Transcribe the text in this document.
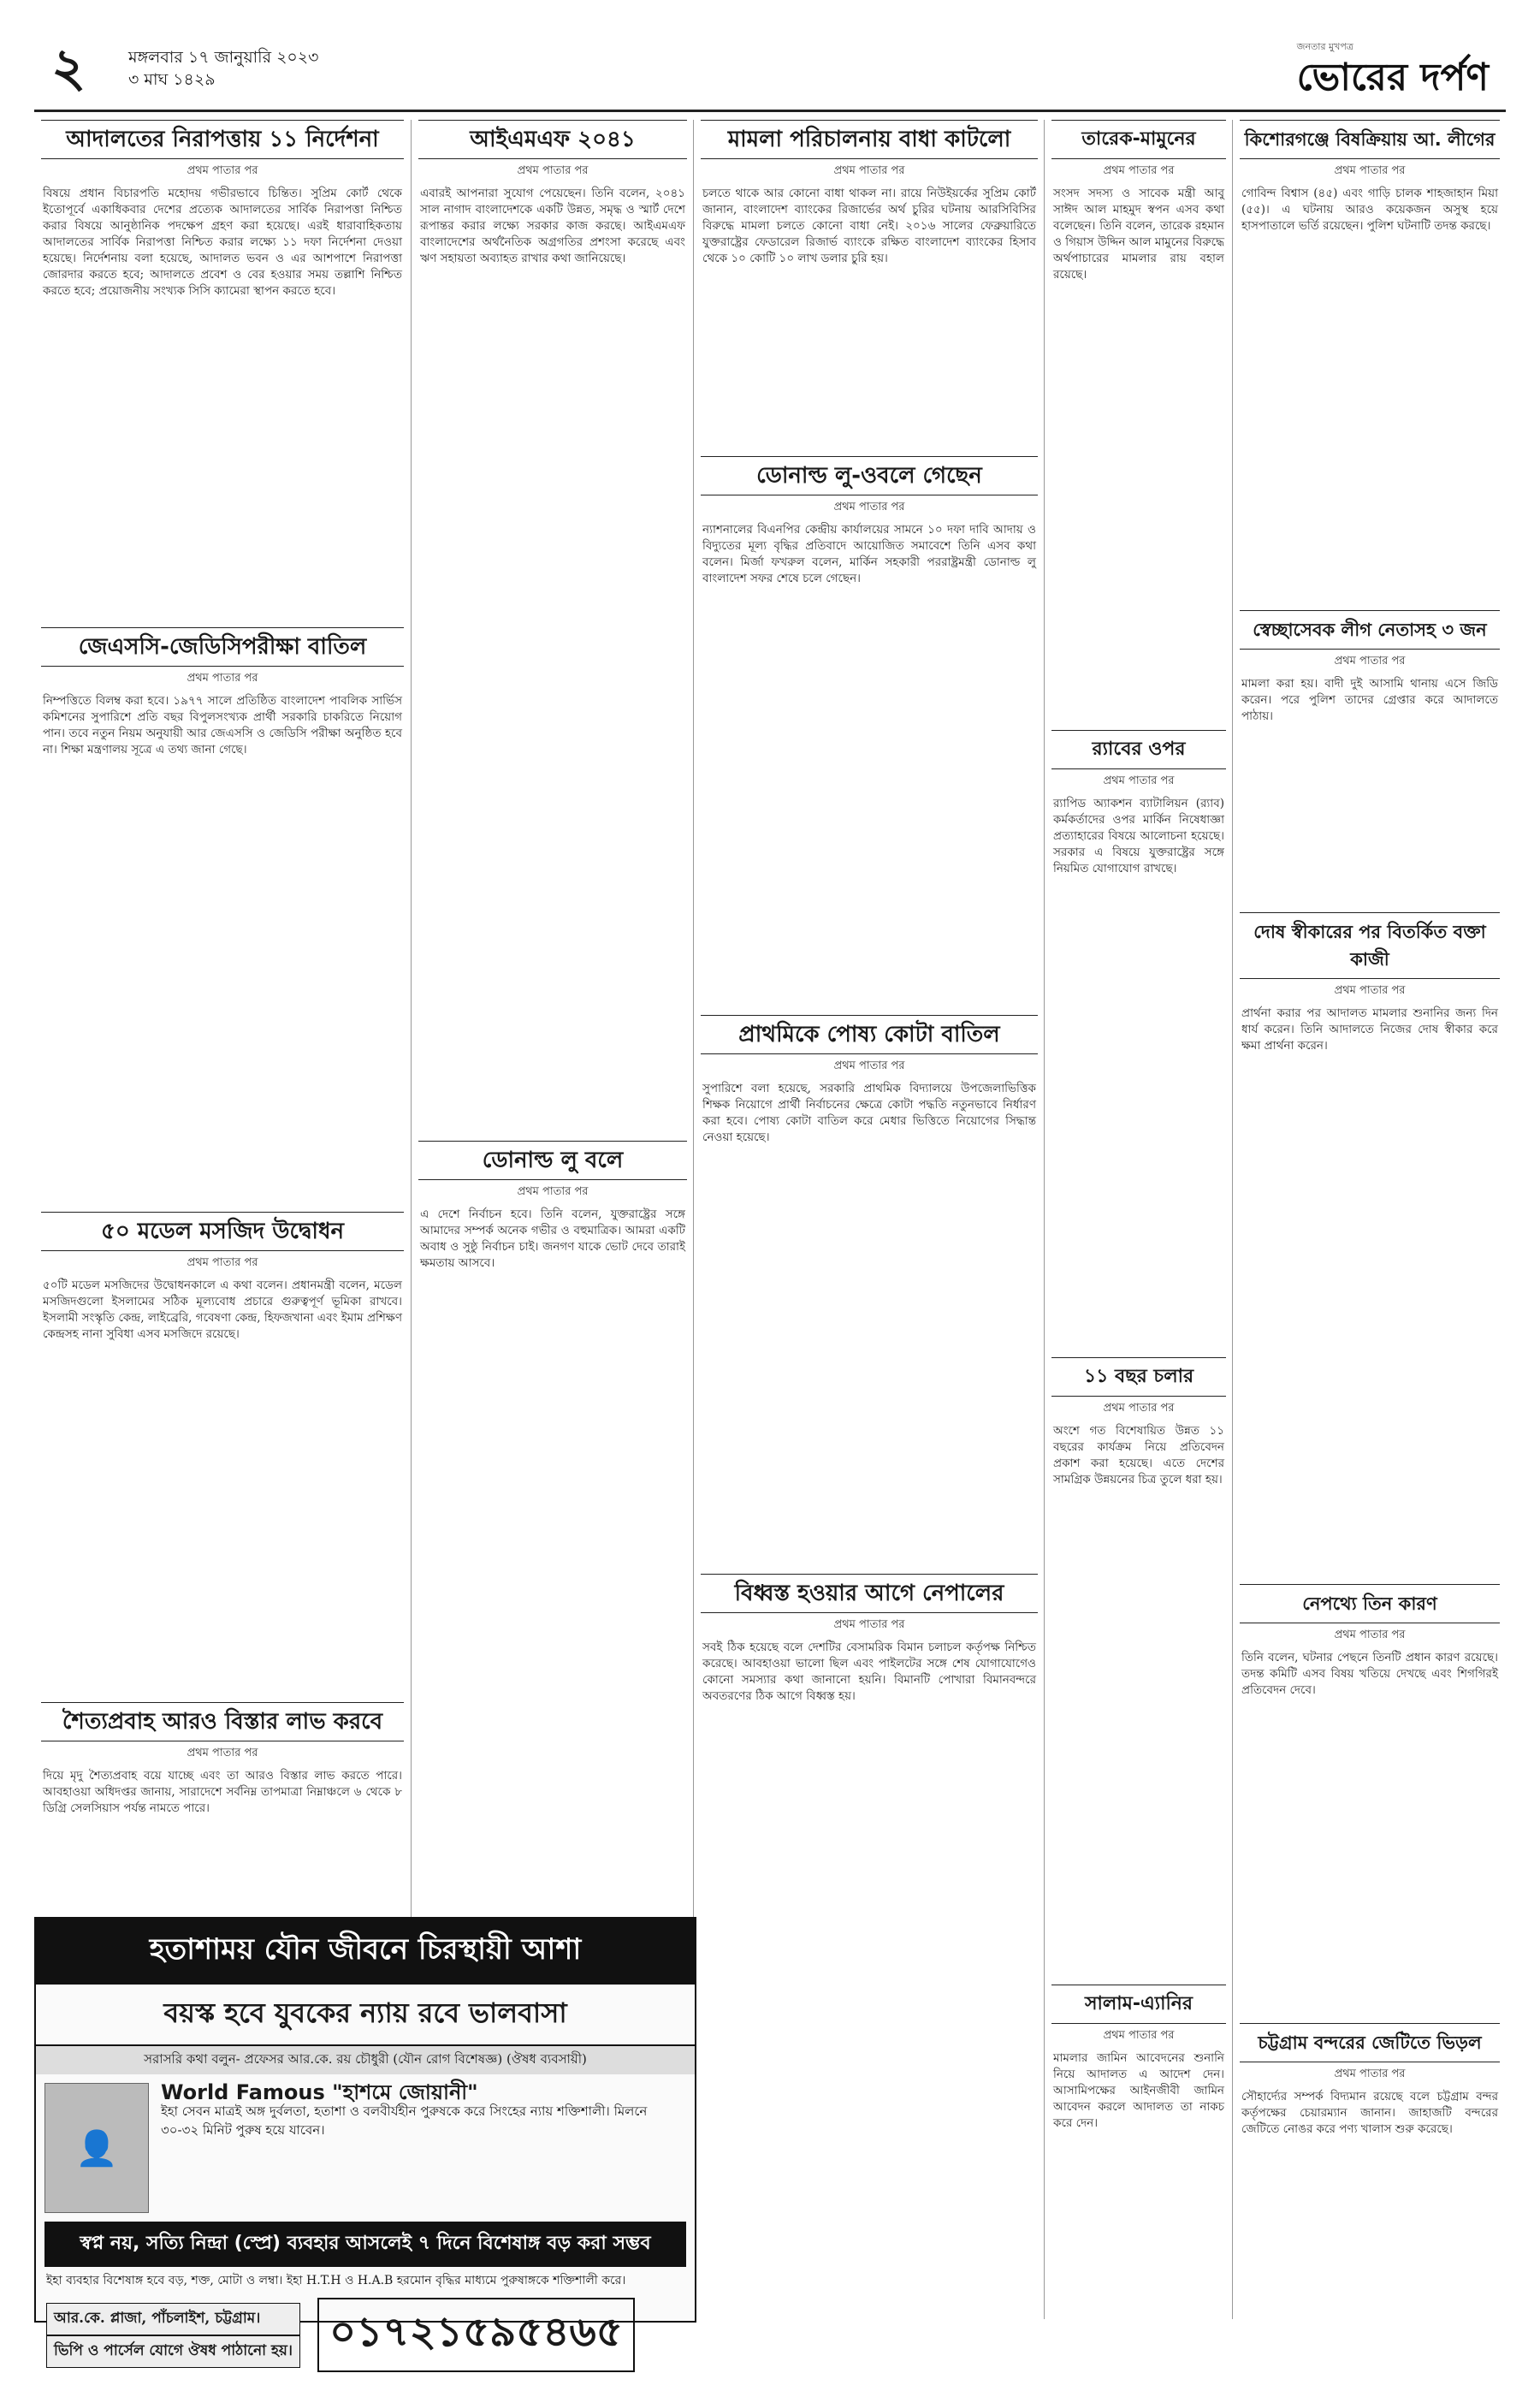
২	মঙ্গলবার ১৭ জানুয়ারি ২০২৩
৩ মাঘ ১৪২৯
জনতার মুখপত্র
ভোরের দর্পণ
আদালতের নিরাপত্তায় ১১ নির্দেশনা
প্রথম পাতার পর
বিষয়ে প্রধান বিচারপতি মহোদয় গভীরভাবে চিন্তিত। সুপ্রিম কোর্ট থেকে ইতোপূর্বে একাধিকবার দেশের প্রত্যেক আদালতের সার্বিক নিরাপত্তা নিশ্চিত করার বিষয়ে আনুষ্ঠানিক পদক্ষেপ গ্রহণ করা হয়েছে। এরই ধারাবাহিকতায় আদালতের সার্বিক নিরাপত্তা নিশ্চিত করার লক্ষ্যে ১১ দফা নির্দেশনা দেওয়া হয়েছে। নির্দেশনায় বলা হয়েছে, আদালত ভবন ও এর আশপাশে নিরাপত্তা জোরদার করতে হবে; আদালতে প্রবেশ ও বের হওয়ার সময় তল্লাশি নিশ্চিত করতে হবে; প্রয়োজনীয় সংখ্যক সিসি ক্যামেরা স্থাপন করতে হবে।
জেএসসি-জেডিসিপরীক্ষা বাতিল
প্রথম পাতার পর
নিম্পত্তিতে বিলম্ব করা হবে। ১৯৭৭ সালে প্রতিষ্ঠিত বাংলাদেশ পাবলিক সার্ভিস কমিশনের সুপারিশে প্রতি বছর বিপুলসংখ্যক প্রার্থী সরকারি চাকরিতে নিয়োগ পান। তবে নতুন নিয়ম অনুযায়ী আর জেএসসি ও জেডিসি পরীক্ষা অনুষ্ঠিত হবে না। শিক্ষা মন্ত্রণালয় সূত্রে এ তথ্য জানা গেছে।
৫০ মডেল মসজিদ উদ্বোধন
প্রথম পাতার পর
৫০টি মডেল মসজিদের উদ্বোধনকালে এ কথা বলেন। প্রধানমন্ত্রী বলেন, মডেল মসজিদগুলো ইসলামের সঠিক মূল্যবোধ প্রচারে গুরুত্বপূর্ণ ভূমিকা রাখবে। ইসলামী সংস্কৃতি কেন্দ্র, লাইব্রেরি, গবেষণা কেন্দ্র, হিফজখানা এবং ইমাম প্রশিক্ষণ কেন্দ্রসহ নানা সুবিধা এসব মসজিদে রয়েছে।
শৈত্যপ্রবাহ আরও বিস্তার লাভ করবে
প্রথম পাতার পর
দিয়ে মৃদু শৈত্যপ্রবাহ বয়ে যাচ্ছে এবং তা আরও বিস্তার লাভ করতে পারে। আবহাওয়া অধিদপ্তর জানায়, সারাদেশে সর্বনিম্ন তাপমাত্রা নিম্নাঞ্চলে ৬ থেকে ৮ ডিগ্রি সেলসিয়াস পর্যন্ত নামতে পারে।
আইএমএফ ২০৪১
প্রথম পাতার পর
এবারই আপনারা সুযোগ পেয়েছেন। তিনি বলেন, ২০৪১ সাল নাগাদ বাংলাদেশকে একটি উন্নত, সমৃদ্ধ ও স্মার্ট দেশে রূপান্তর করার লক্ষ্যে সরকার কাজ করছে। আইএমএফ বাংলাদেশের অর্থনৈতিক অগ্রগতির প্রশংসা করেছে এবং ঋণ সহায়তা অব্যাহত রাখার কথা জানিয়েছে।
ডোনাল্ড লু বলে
প্রথম পাতার পর
এ দেশে নির্বাচন হবে। তিনি বলেন, যুক্তরাষ্ট্রের সঙ্গে আমাদের সম্পর্ক অনেক গভীর ও বহুমাত্রিক। আমরা একটি অবাধ ও সুষ্ঠু নির্বাচন চাই। জনগণ যাকে ভোট দেবে তারাই ক্ষমতায় আসবে।
মামলা পরিচালনায় বাধা কাটলো
প্রথম পাতার পর
চলতে থাকে আর কোনো বাধা থাকল না। রায়ে নিউইয়র্কের সুপ্রিম কোর্ট জানান, বাংলাদেশ ব্যাংকের রিজার্ভের অর্থ চুরির ঘটনায় আরসিবিসির বিরুদ্ধে মামলা চলতে কোনো বাধা নেই। ২০১৬ সালের ফেব্রুয়ারিতে যুক্তরাষ্ট্রের ফেডারেল রিজার্ভ ব্যাংকে রক্ষিত বাংলাদেশ ব্যাংকের হিসাব থেকে ১০ কোটি ১০ লাখ ডলার চুরি হয়।
ডোনাল্ড লু-ওবলে গেছেন
প্রথম পাতার পর
ন্যাশনালের বিএনপির কেন্দ্রীয় কার্যালয়ের সামনে ১০ দফা দাবি আদায় ও বিদ্যুতের মূল্য বৃদ্ধির প্রতিবাদে আয়োজিত সমাবেশে তিনি এসব কথা বলেন। মির্জা ফখরুল বলেন, মার্কিন সহকারী পররাষ্ট্রমন্ত্রী ডোনাল্ড লু বাংলাদেশ সফর শেষে চলে গেছেন।
প্রাথমিকে পোষ্য কোটা বাতিল
প্রথম পাতার পর
সুপারিশে বলা হয়েছে, সরকারি প্রাথমিক বিদ্যালয়ে উপজেলাভিত্তিক শিক্ষক নিয়োগে প্রার্থী নির্বাচনের ক্ষেত্রে কোটা পদ্ধতি নতুনভাবে নির্ধারণ করা হবে। পোষ্য কোটা বাতিল করে মেধার ভিত্তিতে নিয়োগের সিদ্ধান্ত নেওয়া হয়েছে।
বিধ্বস্ত হওয়ার আগে নেপালের
প্রথম পাতার পর
সবই ঠিক হয়েছে বলে দেশটির বেসামরিক বিমান চলাচল কর্তৃপক্ষ নিশ্চিত করেছে। আবহাওয়া ভালো ছিল এবং পাইলটের সঙ্গে শেষ যোগাযোগেও কোনো সমস্যার কথা জানানো হয়নি। বিমানটি পোখারা বিমানবন্দরে অবতরণের ঠিক আগে বিধ্বস্ত হয়।
তারেক-মামুনের
প্রথম পাতার পর
সংসদ সদস্য ও সাবেক মন্ত্রী আবু সাঈদ আল মাহমুদ স্বপন এসব কথা বলেছেন। তিনি বলেন, তারেক রহমান ও গিয়াস উদ্দিন আল মামুনের বিরুদ্ধে অর্থপাচারের মামলার রায় বহাল রয়েছে।
র‍্যাবের ওপর
প্রথম পাতার পর
র‍্যাপিড অ্যাকশন ব্যাটালিয়ন (র‍্যাব) কর্মকর্তাদের ওপর মার্কিন নিষেধাজ্ঞা প্রত্যাহারের বিষয়ে আলোচনা হয়েছে। সরকার এ বিষয়ে যুক্তরাষ্ট্রের সঙ্গে নিয়মিত যোগাযোগ রাখছে।
১১ বছর চলার
প্রথম পাতার পর
অংশে গত বিশেষায়িত উন্নত ১১ বছরের কার্যক্রম নিয়ে প্রতিবেদন প্রকাশ করা হয়েছে। এতে দেশের সামগ্রিক উন্নয়নের চিত্র তুলে ধরা হয়।
সালাম-এ্যানির
প্রথম পাতার পর
মামলার জামিন আবেদনের শুনানি নিয়ে আদালত এ আদেশ দেন। আসামিপক্ষের আইনজীবী জামিন আবেদন করলে আদালত তা নাকচ করে দেন।
কিশোরগঞ্জে বিষক্রিয়ায় আ. লীগের
প্রথম পাতার পর
গোবিন্দ বিশ্বাস (৪৫) এবং গাড়ি চালক শাহজাহান মিয়া (৫৫)। এ ঘটনায় আরও কয়েকজন অসুস্থ হয়ে হাসপাতালে ভর্তি রয়েছেন। পুলিশ ঘটনাটি তদন্ত করছে।
স্বেচ্ছাসেবক লীগ নেতাসহ ৩ জন
প্রথম পাতার পর
মামলা করা হয়। বাদী দুই আসামি থানায় এসে জিডি করেন। পরে পুলিশ তাদের গ্রেপ্তার করে আদালতে পাঠায়।
দোষ স্বীকারের পর বিতর্কিত বক্তা কাজী
প্রথম পাতার পর
প্রার্থনা করার পর আদালত মামলার শুনানির জন্য দিন ধার্য করেন। তিনি আদালতে নিজের দোষ স্বীকার করে ক্ষমা প্রার্থনা করেন।
নেপথ্যে তিন কারণ
প্রথম পাতার পর
তিনি বলেন, ঘটনার পেছনে তিনটি প্রধান কারণ রয়েছে। তদন্ত কমিটি এসব বিষয় খতিয়ে দেখছে এবং শিগগিরই প্রতিবেদন দেবে।
চট্টগ্রাম বন্দরের জেটিতে ভিড়ল
প্রথম পাতার পর
সৌহার্দ্যের সম্পর্ক বিদ্যমান রয়েছে বলে চট্টগ্রাম বন্দর কর্তৃপক্ষের চেয়ারম্যান জানান। জাহাজটি বন্দরের জেটিতে নোঙর করে পণ্য খালাস শুরু করেছে।
হতাশাময় যৌন জীবনে চিরস্থায়ী আশা
বয়স্ক হবে যুবকের ন্যায় রবে ভালবাসা
সরাসরি কথা বলুন- প্রফেসর আর.কে. রয় চৌধুরী (যৌন রোগ বিশেষজ্ঞ) (ঔষধ ব্যবসায়ী)
👤
World Famous "হাশমে জোয়ানী"
ইহা সেবন মাত্রই অঙ্গ দুর্বলতা, হতাশা ও বলবীর্যহীন পুরুষকে করে সিংহের ন্যায় শক্তিশালী। মিলনে ৩০-৩২ মিনিট পুরুষ হয়ে যাবেন।
স্বপ্ন নয়, সত্যি নিন্দ্রা (স্প্রে) ব্যবহার আসলেই ৭ দিনে বিশেষাঙ্গ বড় করা সম্ভব
ইহা ব্যবহার বিশেষাঙ্গ হবে বড়, শক্ত, মোটা ও লম্বা। ইহা H.T.H ও H.A.B হরমোন বৃদ্ধির মাধ্যমে পুরুষাঙ্গকে শক্তিশালী করে।
আর.কে. প্লাজা, পাঁচলাইশ, চট্টগ্রাম।
ভিপি ও পার্সেল যোগে ঔষধ পাঠানো হয়। ০১৭২১৫৯৫৪৬৫
